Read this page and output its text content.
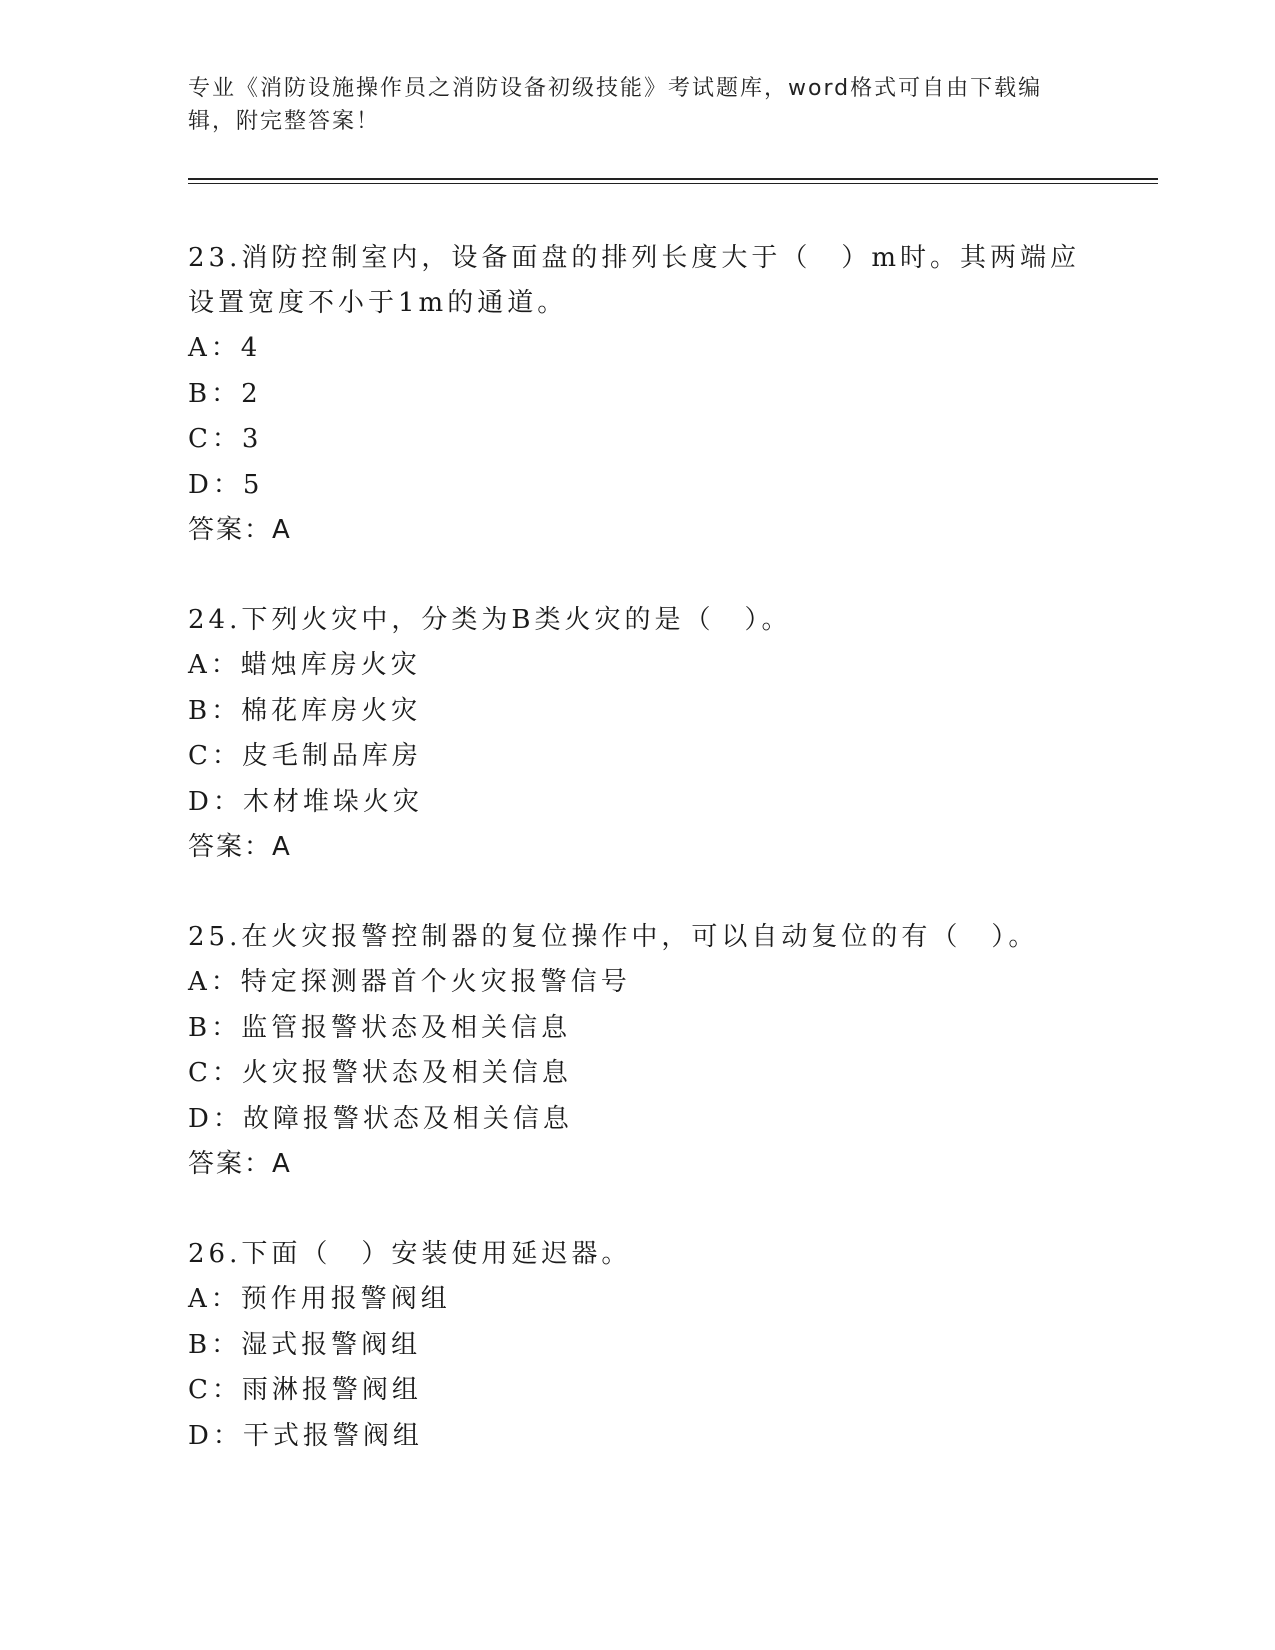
专业《消防设施操作员之消防设备初级技能》考试题库，word格式可自由下载编辑，附完整答案！

23.消防控制室内，设备面盘的排列长度大于（　）m时。其两端应设置宽度不小于1m的通道。

A：4

B：2

C：3

D：5

答案：A

24.下列火灾中，分类为B类火灾的是（　）。

A：蜡烛库房火灾

B：棉花库房火灾

C：皮毛制品库房

D：木材堆垛火灾

答案：A

25.在火灾报警控制器的复位操作中，可以自动复位的有（　）。

A：特定探测器首个火灾报警信号

B：监管报警状态及相关信息

C：火灾报警状态及相关信息

D：故障报警状态及相关信息

答案：A

26.下面（　）安装使用延迟器。

A：预作用报警阀组

B：湿式报警阀组

C：雨淋报警阀组

D：干式报警阀组
